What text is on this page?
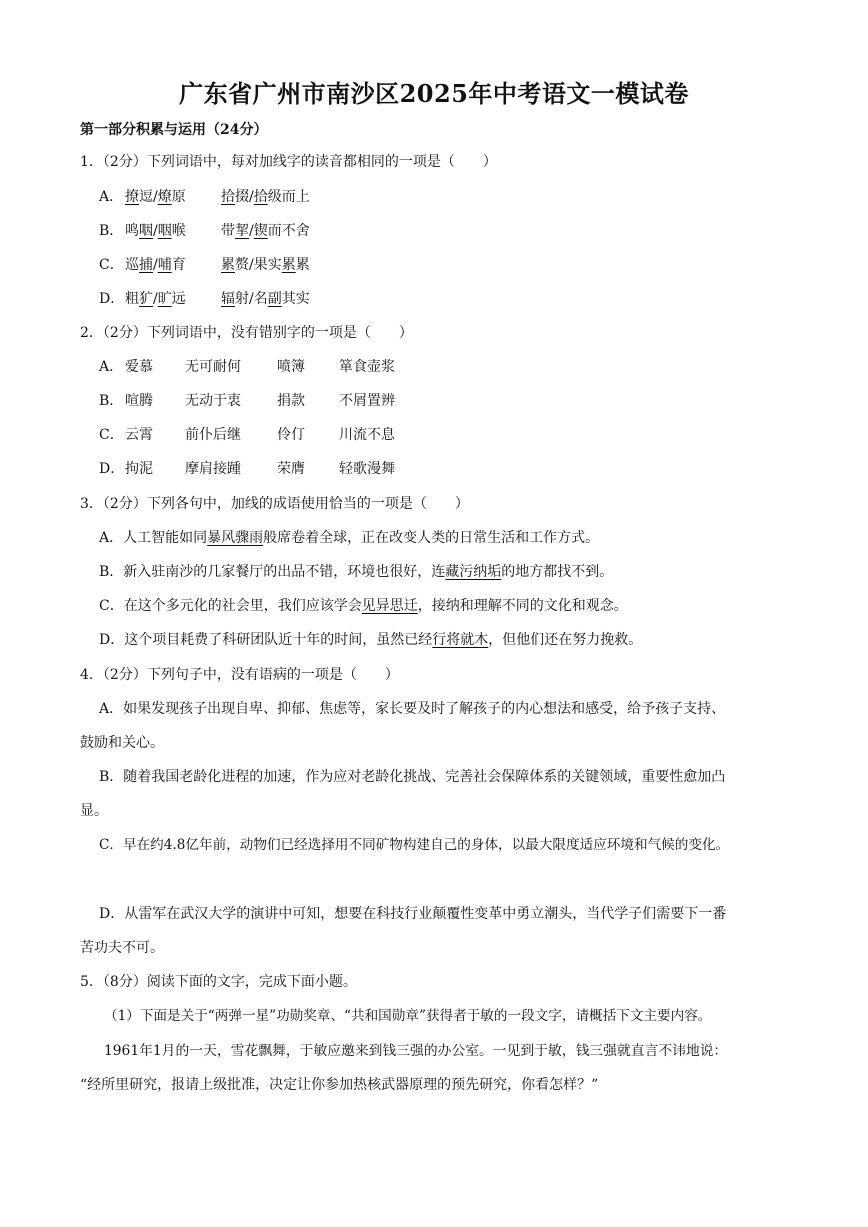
广东省广州市南沙区2025年中考语文一模试卷
第一部分积累与运用（24分）
1．（2分）下列词语中，每对加线字的读音都相同的一项是（　　）
A． 撩逗/燎原	拾掇/拾级而上
B． 鸣咽/咽喉	带挈/锲而不舍
C． 巡捕/哺育	累赘/果实累累
D． 粗犷/旷远	辐射/名副其实
2．（2分）下列词语中，没有错别字的一项是（　　）
A． 爱慕 无可耐何	喷簿 箪食壶浆
B． 喧腾 无动于衷	捐款 不屑置辨
C． 云霄 前仆后继	伶仃 川流不息
D． 拘泥 摩肩接踵	荣膺 轻歌漫舞
3．（2分）下列各句中，加线的成语使用恰当的一项是（　　）
A．人工智能如同暴风骤雨般席卷着全球，正在改变人类的日常生活和工作方式。
B．新入驻南沙的几家餐厅的出品不错，环境也很好，连藏污纳垢的地方都找不到。
C．在这个多元化的社会里，我们应该学会见异思迁，接纳和理解不同的文化和观念。
D．这个项目耗费了科研团队近十年的时间，虽然已经行将就木，但他们还在努力挽救。
4．（2分）下列句子中，没有语病的一项是（　　）
A．如果发现孩子出现自卑、抑郁、焦虑等，家长要及时了解孩子的内心想法和感受，给予孩子支持、
鼓励和关心。
B．随着我国老龄化进程的加速，作为应对老龄化挑战、完善社会保障体系的关键领域，重要性愈加凸
显。
C．早在约4.8亿年前，动物们已经选择用不同矿物构建自己的身体，以最大限度适应环境和气候的变化。
D．从雷军在武汉大学的演讲中可知，想要在科技行业颠覆性变革中勇立潮头，当代学子们需要下一番
苦功夫不可。
5．（8分）阅读下面的文字，完成下面小题。
（1）下面是关于“两弹一星”功勋奖章、“共和国勋章”获得者于敏的一段文字，请概括下文主要内容。
1961年1月的一天，雪花飘舞，于敏应邀来到钱三强的办公室。一见到于敏，钱三强就直言不讳地说：
“经所里研究，报请上级批准，决定让你参加热核武器原理的预先研究，你看怎样？”
